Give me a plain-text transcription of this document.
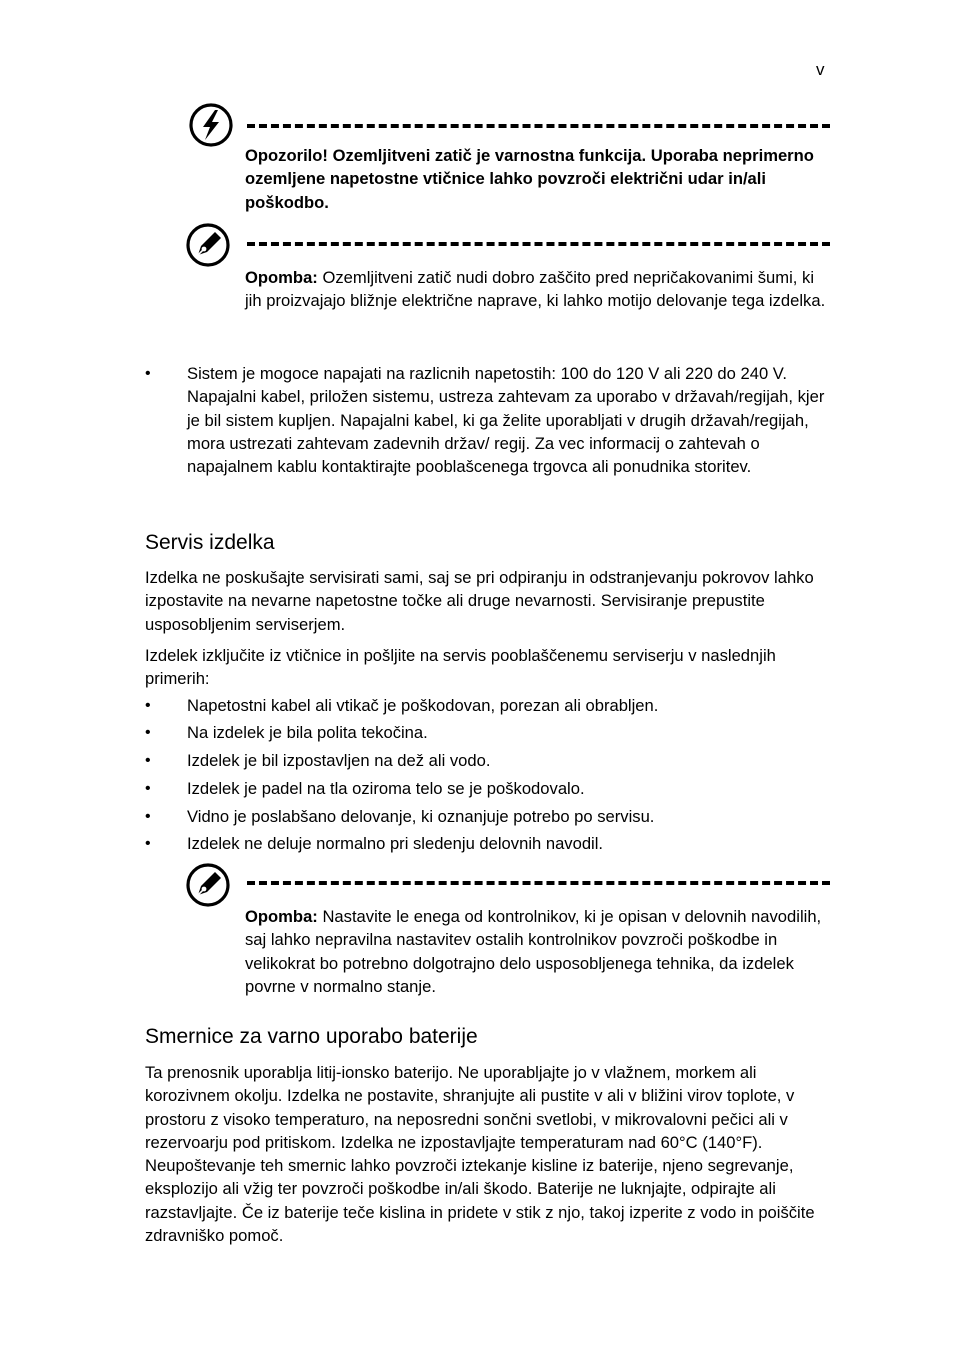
v
Opozorilo! Ozemljitveni zatič je varnostna funkcija. Uporaba neprimerno ozemljene napetostne vtičnice lahko povzroči električni udar in/ali poškodbo.
Opomba: Ozemljitveni zatič nudi dobro zaščito pred nepričakovanimi šumi, ki jih proizvajajo bližnje električne naprave, ki lahko motijo delovanje tega izdelka.
•	Sistem je mogoce napajati na razlicnih napetostih: 100 do 120 V ali 220 do 240 V. Napajalni kabel, priložen sistemu, ustreza zahtevam za uporabo v državah/regijah, kjer je bil sistem kupljen. Napajalni kabel, ki ga želite uporabljati v drugih državah/regijah, mora ustrezati zahtevam zadevnih držav/ regij. Za vec informacij o zahtevah o napajalnem kablu kontaktirajte pooblašcenega trgovca ali ponudnika storitev.
Servis izdelka
Izdelka ne poskušajte servisirati sami, saj se pri odpiranju in odstranjevanju pokrovov lahko izpostavite na nevarne napetostne točke ali druge nevarnosti. Servisiranje prepustite usposobljenim serviserjem.
Izdelek izključite iz vtičnice in pošljite na servis pooblaščenemu serviserju v naslednjih primerih:
•	Napetostni kabel ali vtikač je poškodovan, porezan ali obrabljen.
•	Na izdelek je bila polita tekočina.
•	Izdelek je bil izpostavljen na dež ali vodo.
•	Izdelek je padel na tla oziroma telo se je poškodovalo.
•	Vidno je poslabšano delovanje, ki oznanjuje potrebo po servisu.
•	Izdelek ne deluje normalno pri sledenju delovnih navodil.
Opomba: Nastavite le enega od kontrolnikov, ki je opisan v delovnih navodilih, saj lahko nepravilna nastavitev ostalih kontrolnikov povzroči poškodbe in velikokrat bo potrebno dolgotrajno delo usposobljenega tehnika, da izdelek povrne v normalno stanje.
Smernice za varno uporabo baterije
Ta prenosnik uporablja litij-ionsko baterijo. Ne uporabljajte jo v vlažnem, morkem ali korozivnem okolju. Izdelka ne postavite, shranjujte ali pustite v ali v bližini virov toplote, v prostoru z visoko temperaturo, na neposredni sončni svetlobi, v mikrovalovni pečici ali v rezervoarju pod pritiskom. Izdelka ne izpostavljajte temperaturam nad 60°C (140°F). Neupoštevanje teh smernic lahko povzroči iztekanje kisline iz baterije, njeno segrevanje, eksplozijo ali vžig ter povzroči poškodbe in/ali škodo. Baterije ne luknjajte, odpirajte ali razstavljajte. Če iz baterije teče kislina in pridete v stik z njo, takoj izperite z vodo in poiščite zdravniško pomoč.
